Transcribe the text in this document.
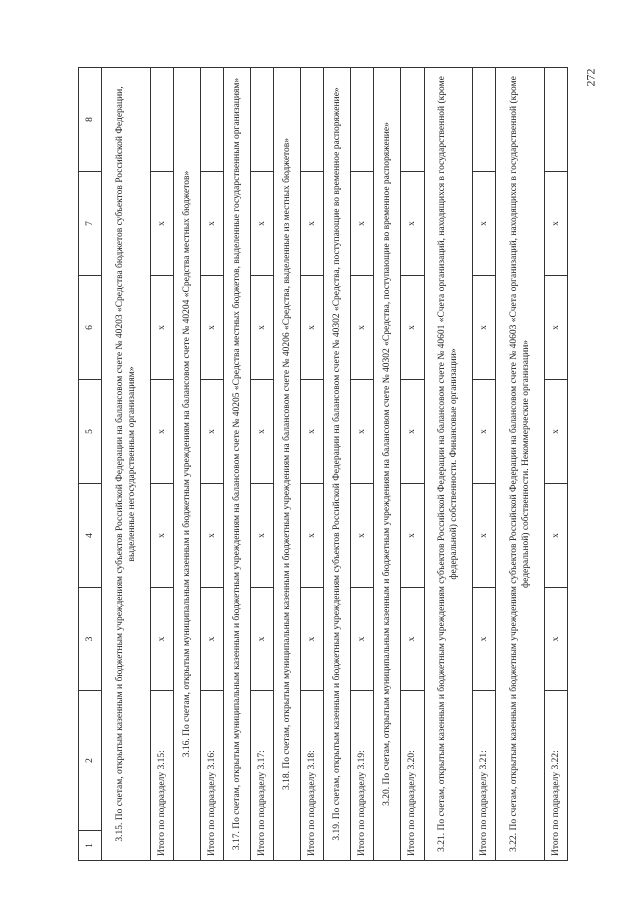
272
1	2	3	4	5	6	7	8
3.15. По счетам, открытым казенным и бюджетным учреждениям субъектов Российской Федерации на балансовом счете № 40203 «Средства бюджетов субъектов Российской Федерации, выделенные негосударственным организациям»							
Итого по подразделу 3.15:		x	x	x	x	x	
3.16. По счетам, открытым муниципальным казенным и бюджетным учреждениям на балансовом счете № 40204 «Средства местных бюджетов»							
Итого по подразделу 3.16:		x	x	x	x	x	
3.17. По счетам, открытым муниципальным казенным и бюджетным учреждениям на балансовом счете № 40205 «Средства местных бюджетов, выделенные государственным организациям»							
Итого по подразделу 3.17:		x	x	x	x	x	
3.18. По счетам, открытым муниципальным казенным и бюджетным учреждениям на балансовом счете № 40206 «Средства, выделенные из местных бюджетов»							
Итого по подразделу 3.18:		x	x	x	x	x	
3.19. По счетам, открытым казенным и бюджетным учреждениям субъектов Российской Федерации на балансовом счете № 40302 «Средства, поступающие во временное распоряжение»							
Итого по подразделу 3.19:		x	x	x	x	x	
3.20. По счетам, открытым муниципальным казенным и бюджетным учреждениям на балансовом счете № 40302 «Средства, поступающие во временное распоряжение»							
Итого по подразделу 3.20:		x	x	x	x	x	
3.21. По счетам, открытым казенным и бюджетным учреждениям субъектов Российской Федерации на балансовом счете № 40601 «Счета организаций, находящихся в государственной (кроме федеральной) собственности. Финансовые организации»							
Итого по подразделу 3.21:		x	x	x	x	x	
3.22. По счетам, открытым казенным и бюджетным учреждениям субъектов Российской Федерации на балансовом счете № 40603 «Счета организаций, находящихся в государственной (кроме федеральной) собственности. Некоммерческие организации»							
Итого по подразделу 3.22:		x	x	x	x	x	
